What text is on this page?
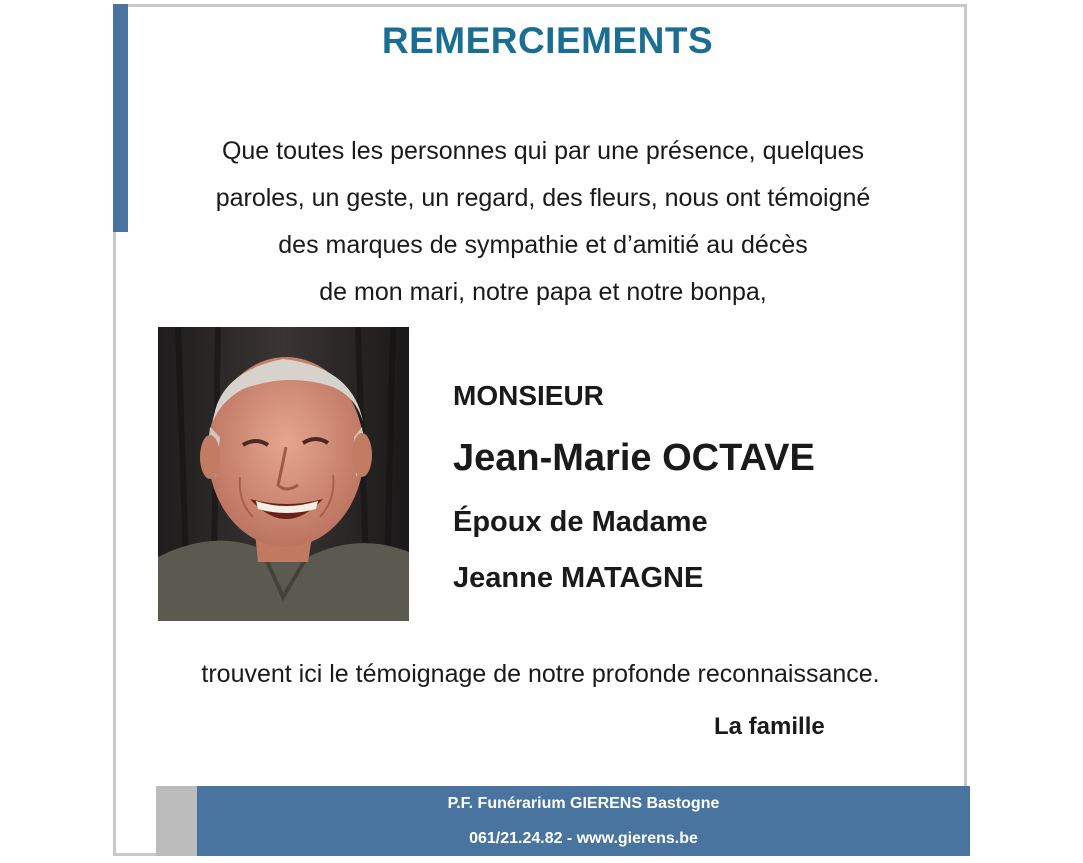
REMERCIEMENTS
Que toutes les personnes qui par une présence, quelques
paroles, un geste, un regard, des fleurs, nous ont témoigné
des marques de sympathie et d’amitié au décès
de mon mari, notre papa et notre bonpa,
MONSIEUR
Jean-Marie OCTAVE
Époux de Madame
Jeanne MATAGNE
trouvent ici le témoignage de notre profonde reconnaissance.
La famille
P.F. Funérarium GIERENS Bastogne
061/21.24.82 - www.gierens.be
